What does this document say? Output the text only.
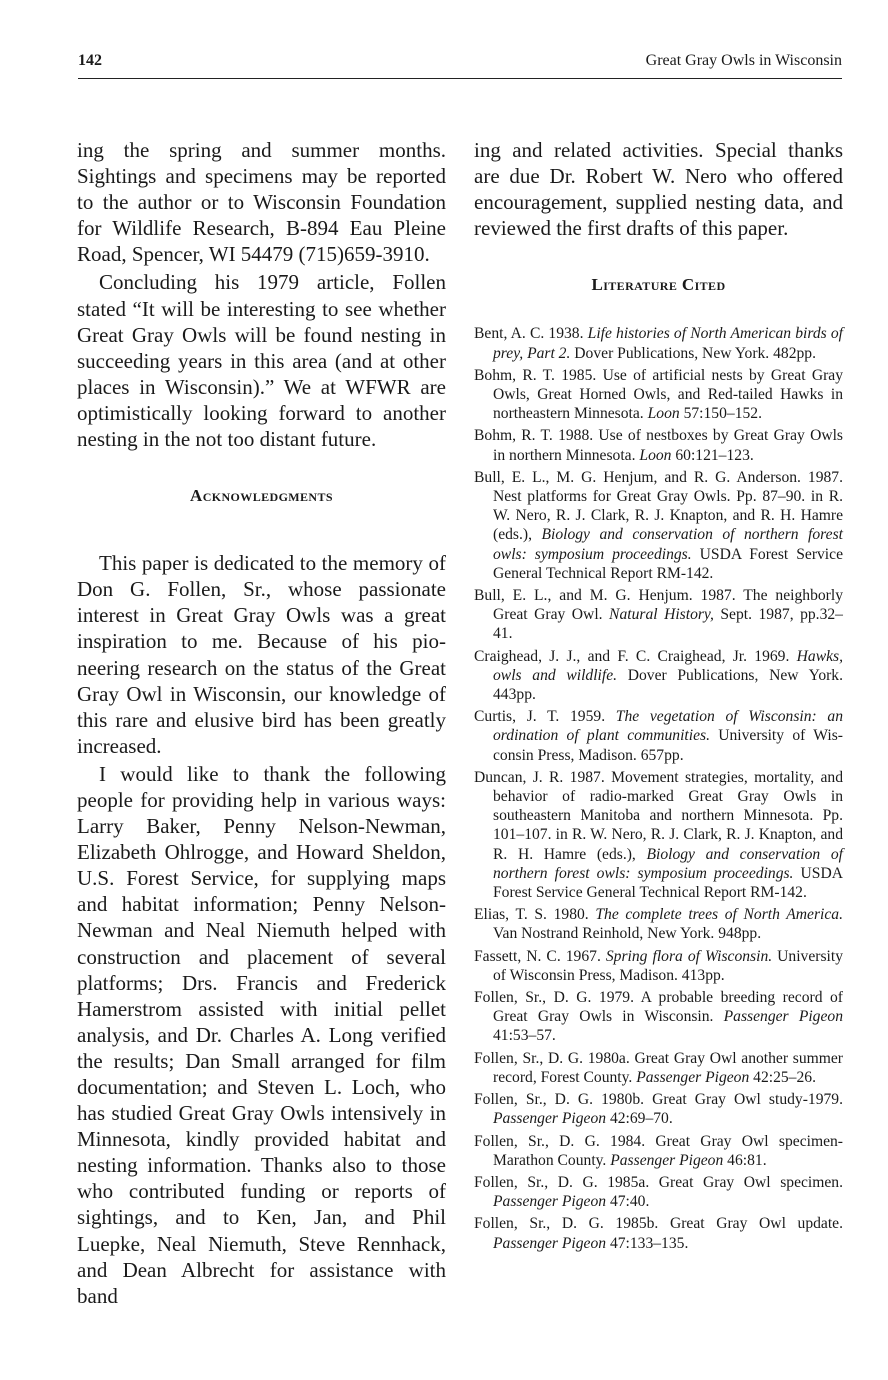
142	Great Gray Owls in Wisconsin

ing the spring and summer months. Sightings and specimens may be reported to the author or to Wisconsin Foundation for Wildlife Research, B-894 Eau Pleine Road, Spencer, WI 54479 (715)659-3910.

Concluding his 1979 article, Follen stated “It will be interesting to see whether Great Gray Owls will be found nesting in succeeding years in this area (and at other places in Wisconsin).” We at WFWR are optimistically looking forward to another nesting in the not too distant future.

Acknowledgments

This paper is dedicated to the memory of Don G. Follen, Sr., whose passionate interest in Great Gray Owls was a great inspiration to me. Because of his pioneering research on the status of the Great Gray Owl in Wisconsin, our knowledge of this rare and elusive bird has been greatly increased.

I would like to thank the following people for providing help in various ways: Larry Baker, Penny Nelson-Newman, Elizabeth Ohlrogge, and Howard Sheldon, U.S. Forest Service, for supplying maps and habitat information; Penny Nelson-Newman and Neal Niemuth helped with construction and placement of several platforms; Drs. Francis and Frederick Hamerstrom assisted with initial pellet analysis, and Dr. Charles A. Long verified the results; Dan Small arranged for film documentation; and Steven L. Loch, who has studied Great Gray Owls intensively in Minnesota, kindly provided habitat and nesting information. Thanks also to those who contributed funding or reports of sightings, and to Ken, Jan, and Phil Luepke, Neal Niemuth, Steve Rennhack, and Dean Albrecht for assistance with band

ing and related activities. Special thanks are due Dr. Robert W. Nero who offered encouragement, supplied nesting data, and reviewed the first drafts of this paper.

Literature Cited
Bent, A. C. 1938. Life histories of North American birds of prey, Part 2. Dover Publications, New York. 482pp.
Bohm, R. T. 1985. Use of artificial nests by Great Gray Owls, Great Horned Owls, and Red-tailed Hawks in northeastern Minnesota. Loon 57:150–152.
Bohm, R. T. 1988. Use of nestboxes by Great Gray Owls in northern Minnesota. Loon 60:121–123.
Bull, E. L., M. G. Henjum, and R. G. Anderson. 1987. Nest platforms for Great Gray Owls. Pp. 87–90. in R. W. Nero, R. J. Clark, R. J. Knapton, and R. H. Hamre (eds.), Biology and conservation of northern forest owls: symposium proceedings. USDA Forest Service General Technical Report RM-142.
Bull, E. L., and M. G. Henjum. 1987. The neighborly Great Gray Owl. Natural History, Sept. 1987, pp.32–41.
Craighead, J. J., and F. C. Craighead, Jr. 1969. Hawks, owls and wildlife. Dover Publications, New York. 443pp.
Curtis, J. T. 1959. The vegetation of Wisconsin: an ordination of plant communities. University of Wisconsin Press, Madison. 657pp.
Duncan, J. R. 1987. Movement strategies, mortality, and behavior of radio-marked Great Gray Owls in southeastern Manitoba and northern Minnesota. Pp. 101–107. in R. W. Nero, R. J. Clark, R. J. Knapton, and R. H. Hamre (eds.), Biology and conservation of northern forest owls: symposium proceedings. USDA Forest Service General Technical Report RM-142.
Elias, T. S. 1980. The complete trees of North America. Van Nostrand Reinhold, New York. 948pp.
Fassett, N. C. 1967. Spring flora of Wisconsin. University of Wisconsin Press, Madison. 413pp.
Follen, Sr., D. G. 1979. A probable breeding record of Great Gray Owls in Wisconsin. Passenger Pigeon 41:53–57.
Follen, Sr., D. G. 1980a. Great Gray Owl another summer record, Forest County. Passenger Pigeon 42:25–26.
Follen, Sr., D. G. 1980b. Great Gray Owl study-1979. Passenger Pigeon 42:69–70.
Follen, Sr., D. G. 1984. Great Gray Owl specimen-Marathon County. Passenger Pigeon 46:81.
Follen, Sr., D. G. 1985a. Great Gray Owl specimen. Passenger Pigeon 47:40.
Follen, Sr., D. G. 1985b. Great Gray Owl update. Passenger Pigeon 47:133–135.
